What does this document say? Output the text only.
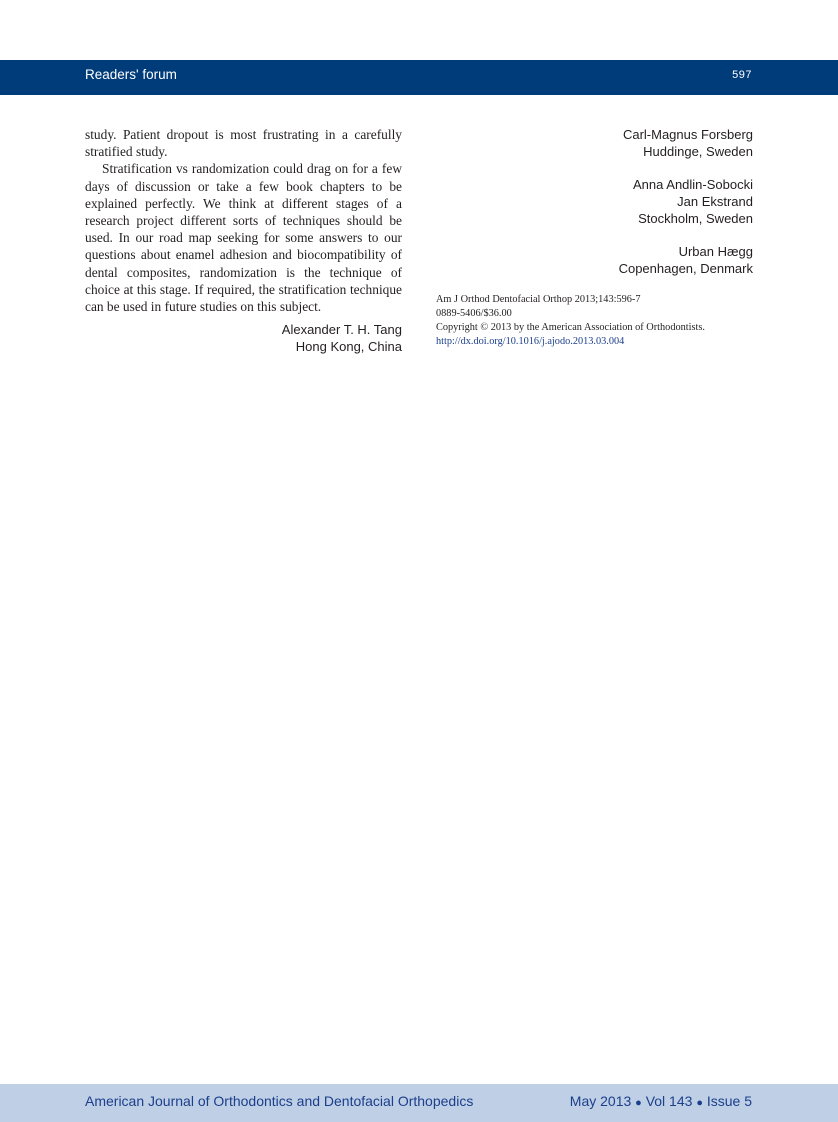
Readers' forum	597

study. Patient dropout is most frustrating in a carefully stratified study.

Stratification vs randomization could drag on for a few days of discussion or take a few book chapters to be explained perfectly. We think at different stages of a research project different sorts of techniques should be used. In our road map seeking for some answers to our questions about enamel adhesion and biocompatibility of dental composites, randomization is the technique of choice at this stage. If required, the stratification technique can be used in future studies on this subject.

Alexander T. H. Tang
Hong Kong, China
Carl-Magnus Forsberg
Huddinge, Sweden
Anna Andlin-Sobocki
Jan Ekstrand
Stockholm, Sweden
Urban Hægg
Copenhagen, Denmark
Am J Orthod Dentofacial Orthop 2013;143:596-7
0889-5406/$36.00
Copyright © 2013 by the American Association of Orthodontists.
http://dx.doi.org/10.1016/j.ajodo.2013.03.004
American Journal of Orthodontics and Dentofacial Orthopedics	May 2013 ● Vol 143 ● Issue 5
